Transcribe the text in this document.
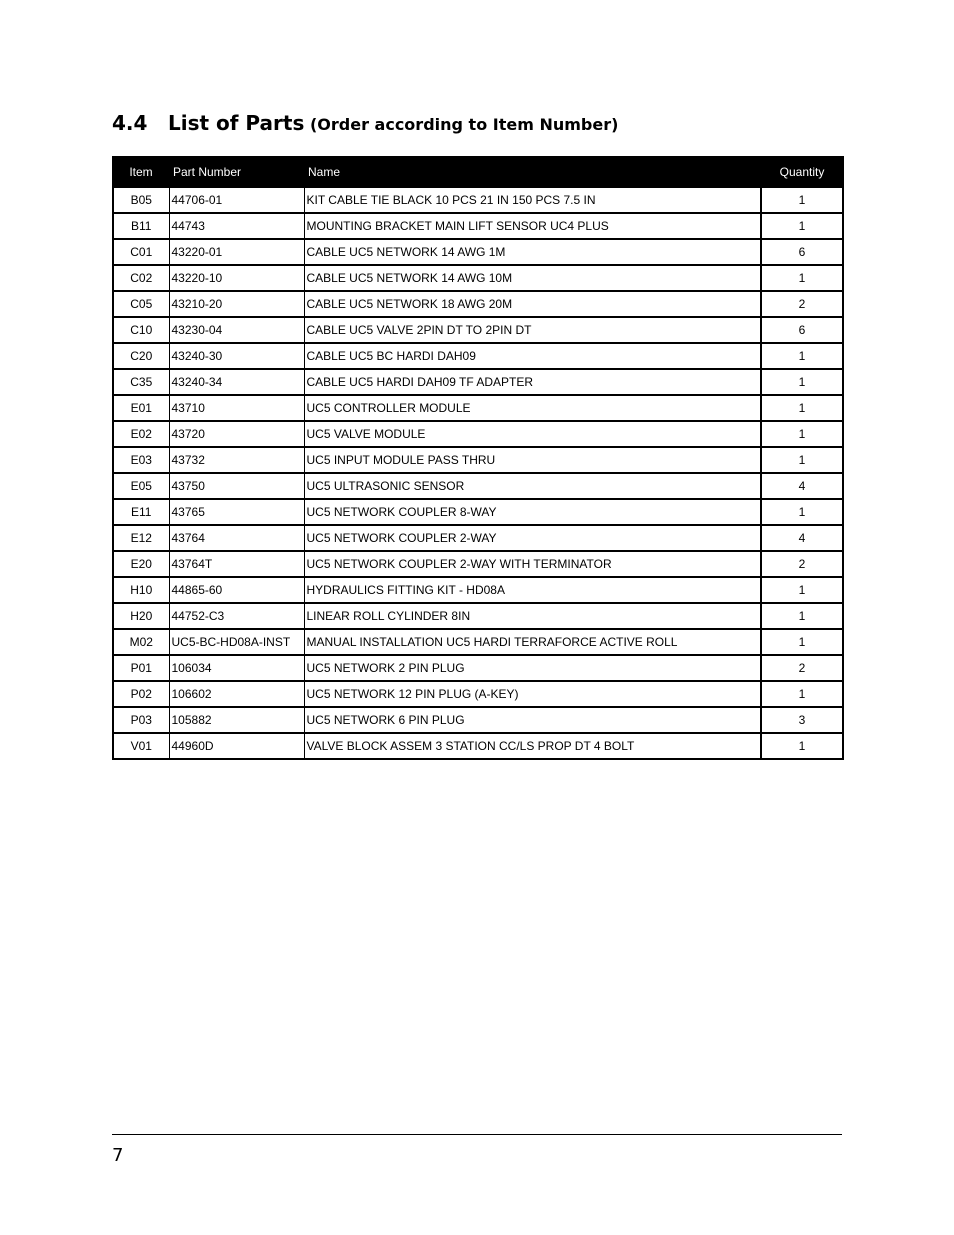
4.4 List of Parts (Order according to Item Number)
Item	Part Number	Name	Quantity
B05	44706-01	KIT CABLE TIE BLACK 10 PCS 21 IN 150 PCS 7.5 IN	1
B11	44743	MOUNTING BRACKET MAIN LIFT SENSOR UC4 PLUS	1
C01	43220-01	CABLE UC5 NETWORK 14 AWG 1M	6
C02	43220-10	CABLE UC5 NETWORK 14 AWG 10M	1
C05	43210-20	CABLE UC5 NETWORK 18 AWG 20M	2
C10	43230-04	CABLE UC5 VALVE 2PIN DT TO 2PIN DT	6
C20	43240-30	CABLE UC5 BC HARDI DAH09	1
C35	43240-34	CABLE UC5 HARDI DAH09 TF ADAPTER	1
E01	43710	UC5 CONTROLLER MODULE	1
E02	43720	UC5 VALVE MODULE	1
E03	43732	UC5 INPUT MODULE PASS THRU	1
E05	43750	UC5 ULTRASONIC SENSOR	4
E11	43765	UC5 NETWORK COUPLER 8-WAY	1
E12	43764	UC5 NETWORK COUPLER 2-WAY	4
E20	43764T	UC5 NETWORK COUPLER 2-WAY WITH TERMINATOR	2
H10	44865-60	HYDRAULICS FITTING KIT - HD08A	1
H20	44752-C3	LINEAR ROLL CYLINDER 8IN	1
M02	UC5-BC-HD08A-INST	MANUAL INSTALLATION UC5 HARDI TERRAFORCE ACTIVE ROLL	1
P01	106034	UC5 NETWORK 2 PIN PLUG	2
P02	106602	UC5 NETWORK 12 PIN PLUG (A-KEY)	1
P03	105882	UC5 NETWORK 6 PIN PLUG	3
V01	44960D	VALVE BLOCK ASSEM 3 STATION CC/LS PROP DT 4 BOLT	1
7
